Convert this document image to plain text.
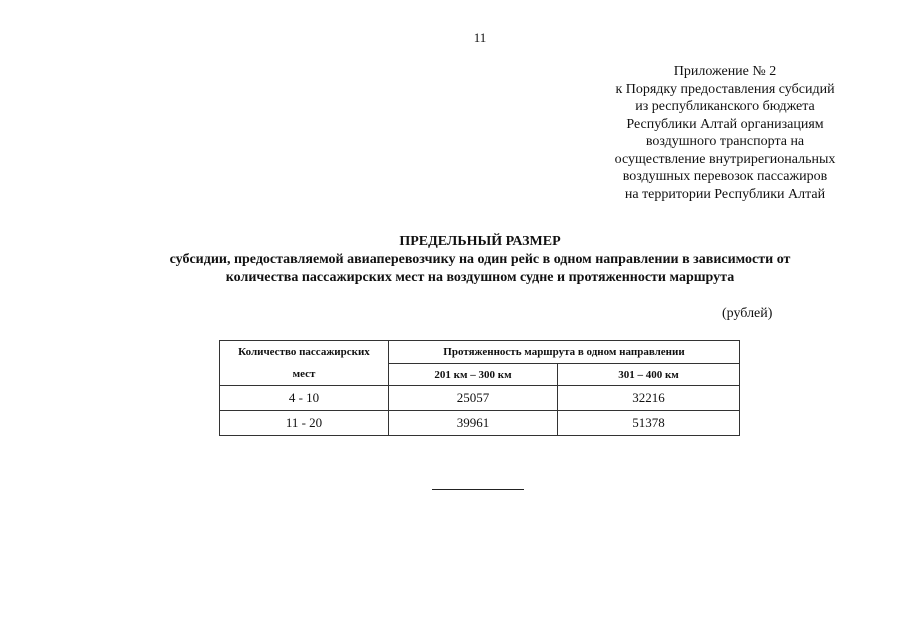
11
Приложение № 2
к Порядку предоставления субсидий
из республиканского бюджета
Республики Алтай организациям
воздушного транспорта на
осуществление внутрирегиональных
воздушных перевозок пассажиров
на территории Республики Алтай
ПРЕДЕЛЬНЫЙ РАЗМЕР
субсидии, предоставляемой авиаперевозчику на один рейс в одном направлении в зависимости от
количества пассажирских мест на воздушном судне и протяженности маршрута
(рублей)
Количество пассажирских	Протяженность маршрута в одном направлении	
мест	201 км – 300 км	301 – 400 км
4 - 10	25057	32216
11 - 20	39961	51378
